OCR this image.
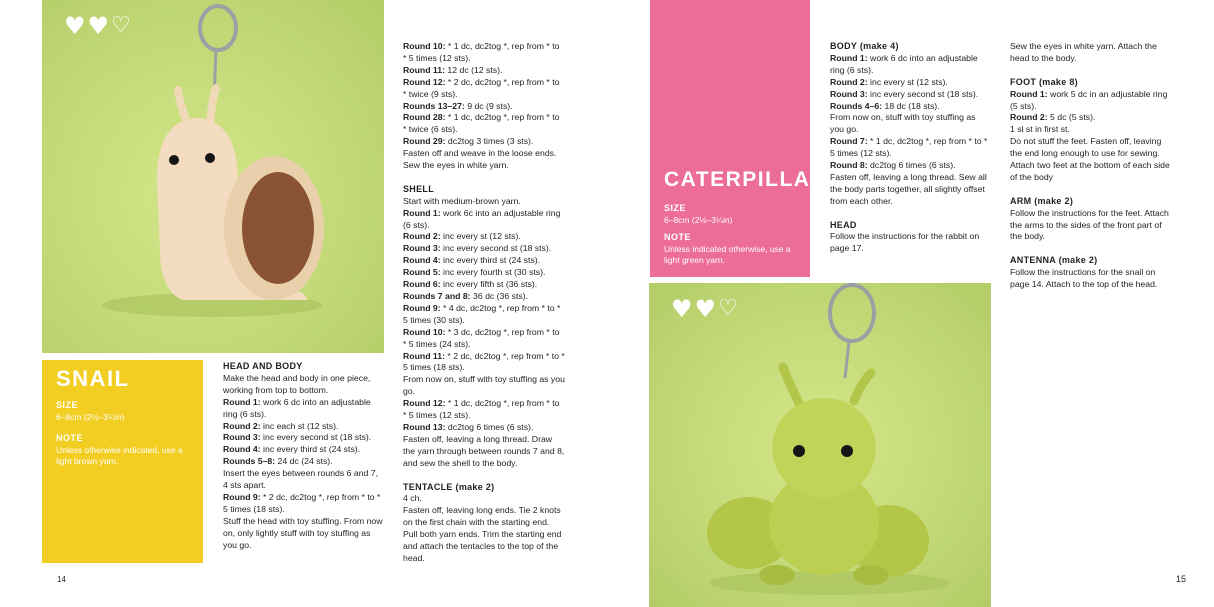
♥ ♥ ♡
SNAIL
SIZE
6–8cm (2½–3¼in)
NOTE
Unless otherwise indicated, use a light brown yarn.

HEAD AND BODY

Make the head and body in one piece, working from top to bottom.

Round 1: work 6 dc into an adjustable ring (6 sts).

Round 2: inc each st (12 sts).

Round 3: inc every second st (18 sts).

Round 4: inc every third st (24 sts).

Rounds 5–8: 24 dc (24 sts).

Insert the eyes between rounds 6 and 7, 4 sts apart.

Round 9: * 2 dc, dc2tog *, rep from * to * 5 times (18 sts).

Stuff the head with toy stuffing. From now on, only lightly stuff with toy stuffing as you go.

Round 10: * 1 dc, dc2tog *, rep from * to * 5 times (12 sts).

Round 11: 12 dc (12 sts).

Round 12: * 2 dc, dc2tog *, rep from * to * twice (9 sts).

Rounds 13–27: 9 dc (9 sts).

Round 28: * 1 dc, dc2tog *, rep from * to * twice (6 sts).

Round 29: dc2tog 3 times (3 sts).

Fasten off and weave in the loose ends. Sew the eyes in white yarn.

SHELL

Start with medium-brown yarn.

Round 1: work 6c into an adjustable ring (6 sts).

Round 2: inc every st (12 sts).

Round 3: inc every second st (18 sts).

Round 4: inc every third st (24 sts).

Round 5: inc every fourth st (30 sts).

Round 6: inc every fifth st (36 sts).

Rounds 7 and 8: 36 dc (36 sts).

Round 9: * 4 dc, dc2tog *, rep from * to * 5 times (30 sts).

Round 10: * 3 dc, dc2tog *, rep from * to * 5 times (24 sts).

Round 11: * 2 dc, dc2tog *, rep from * to * 5 times (18 sts).

From now on, stuff with toy stuffing as you go.

Round 12: * 1 dc, dc2tog *, rep from * to * 5 times (12 sts).

Round 13: dc2tog 6 times (6 sts).

Fasten off, leaving a long thread. Draw the yarn through between rounds 7 and 8, and sew the shell to the body.

TENTACLE (make 2)

4 ch.

Fasten off, leaving long ends. Tie 2 knots on the first chain with the starting end. Pull both yarn ends. Trim the starting end and attach the tentacles to the top of the head.

14
CATERPILLAR
SIZE
6–8cm (2½–3¼in)
NOTE
Unless indicated otherwise, use a light green yarn.
♥ ♥ ♡

BODY (make 4)

Round 1: work 6 dc into an adjustable ring (6 sts).

Round 2: inc every st (12 sts).

Round 3: inc every second st (18 sts).

Rounds 4–6: 18 dc (18 sts).

From now on, stuff with toy stuffing as you go.

Round 7: * 1 dc, dc2tog *, rep from * to * 5 times (12 sts).

Round 8: dc2tog 6 times (6 sts).

Fasten off, leaving a long thread. Sew all the body parts together, all slightly offset from each other.

HEAD

Follow the instructions for the rabbit on page 17.

Sew the eyes in white yarn. Attach the head to the body.

FOOT (make 8)

Round 1: work 5 dc in an adjustable ring (5 sts).

Round 2: 5 dc (5 sts).

1 sl st in first st.

Do not stuff the feet. Fasten off, leaving the end long enough to use for sewing. Attach two feet at the bottom of each side of the body

ARM (make 2)

Follow the instructions for the feet. Attach the arms to the sides of the front part of the body.

ANTENNA (make 2)

Follow the instructions for the snail on page 14. Attach to the top of the head.

15
